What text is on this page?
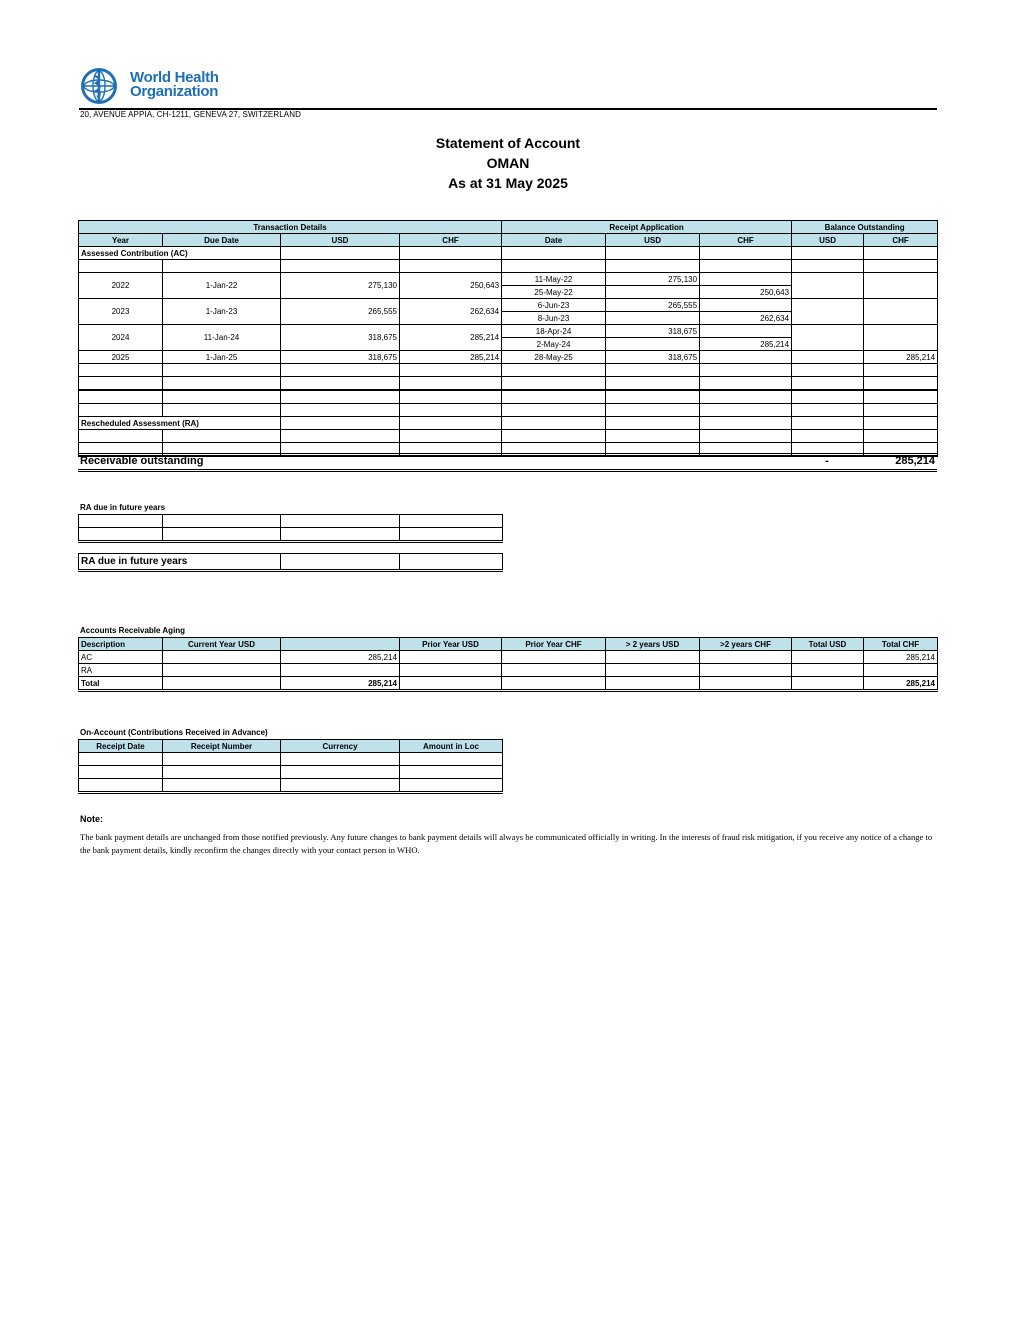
World Health
Organization
20, AVENUE APPIA, CH-1211, GENEVA 27, SWITZERLAND
Statement of Account
OMAN
As at 31 May 2025
Transaction Details				Receipt Application			Balance Outstanding	
Year	Due Date	USD	CHF	Date	USD	CHF	USD	CHF
Assessed Contribution (AC)								

2022	1-Jan-22	275,130	250,643	11-May-22	275,130			
				25-May-22		250,643		
2023	1-Jan-23	265,555	262,634	6-Jun-23	265,555			
				8-Jun-23		262,634		
2024	11-Jan-24	318,675	285,214	18-Apr-24	318,675			
				2-May-24		285,214		
2025	1-Jan-25	318,675	285,214	28-May-25	318,675			285,214

Rescheduled Assessment (RA)								

Receivable outstanding	-	285,214
RA due in future years

RA due in future years		
Accounts Receivable Aging
Description	Current Year USD		Prior Year USD	Prior Year CHF	> 2 years USD	>2 years CHF	Total USD	Total CHF
AC		285,214						285,214
RA								
Total		285,214						285,214
On-Account (Contributions Received in Advance)
Receipt Date	Receipt Number	Currency	Amount in Loc

Note:
The bank payment details are unchanged from those notified previously. Any future changes to bank payment details will always be communicated officially in writing. In the interests of fraud risk mitigation, if you receive any notice of a change to the bank payment details, kindly reconfirm the changes directly with your contact person in WHO.
